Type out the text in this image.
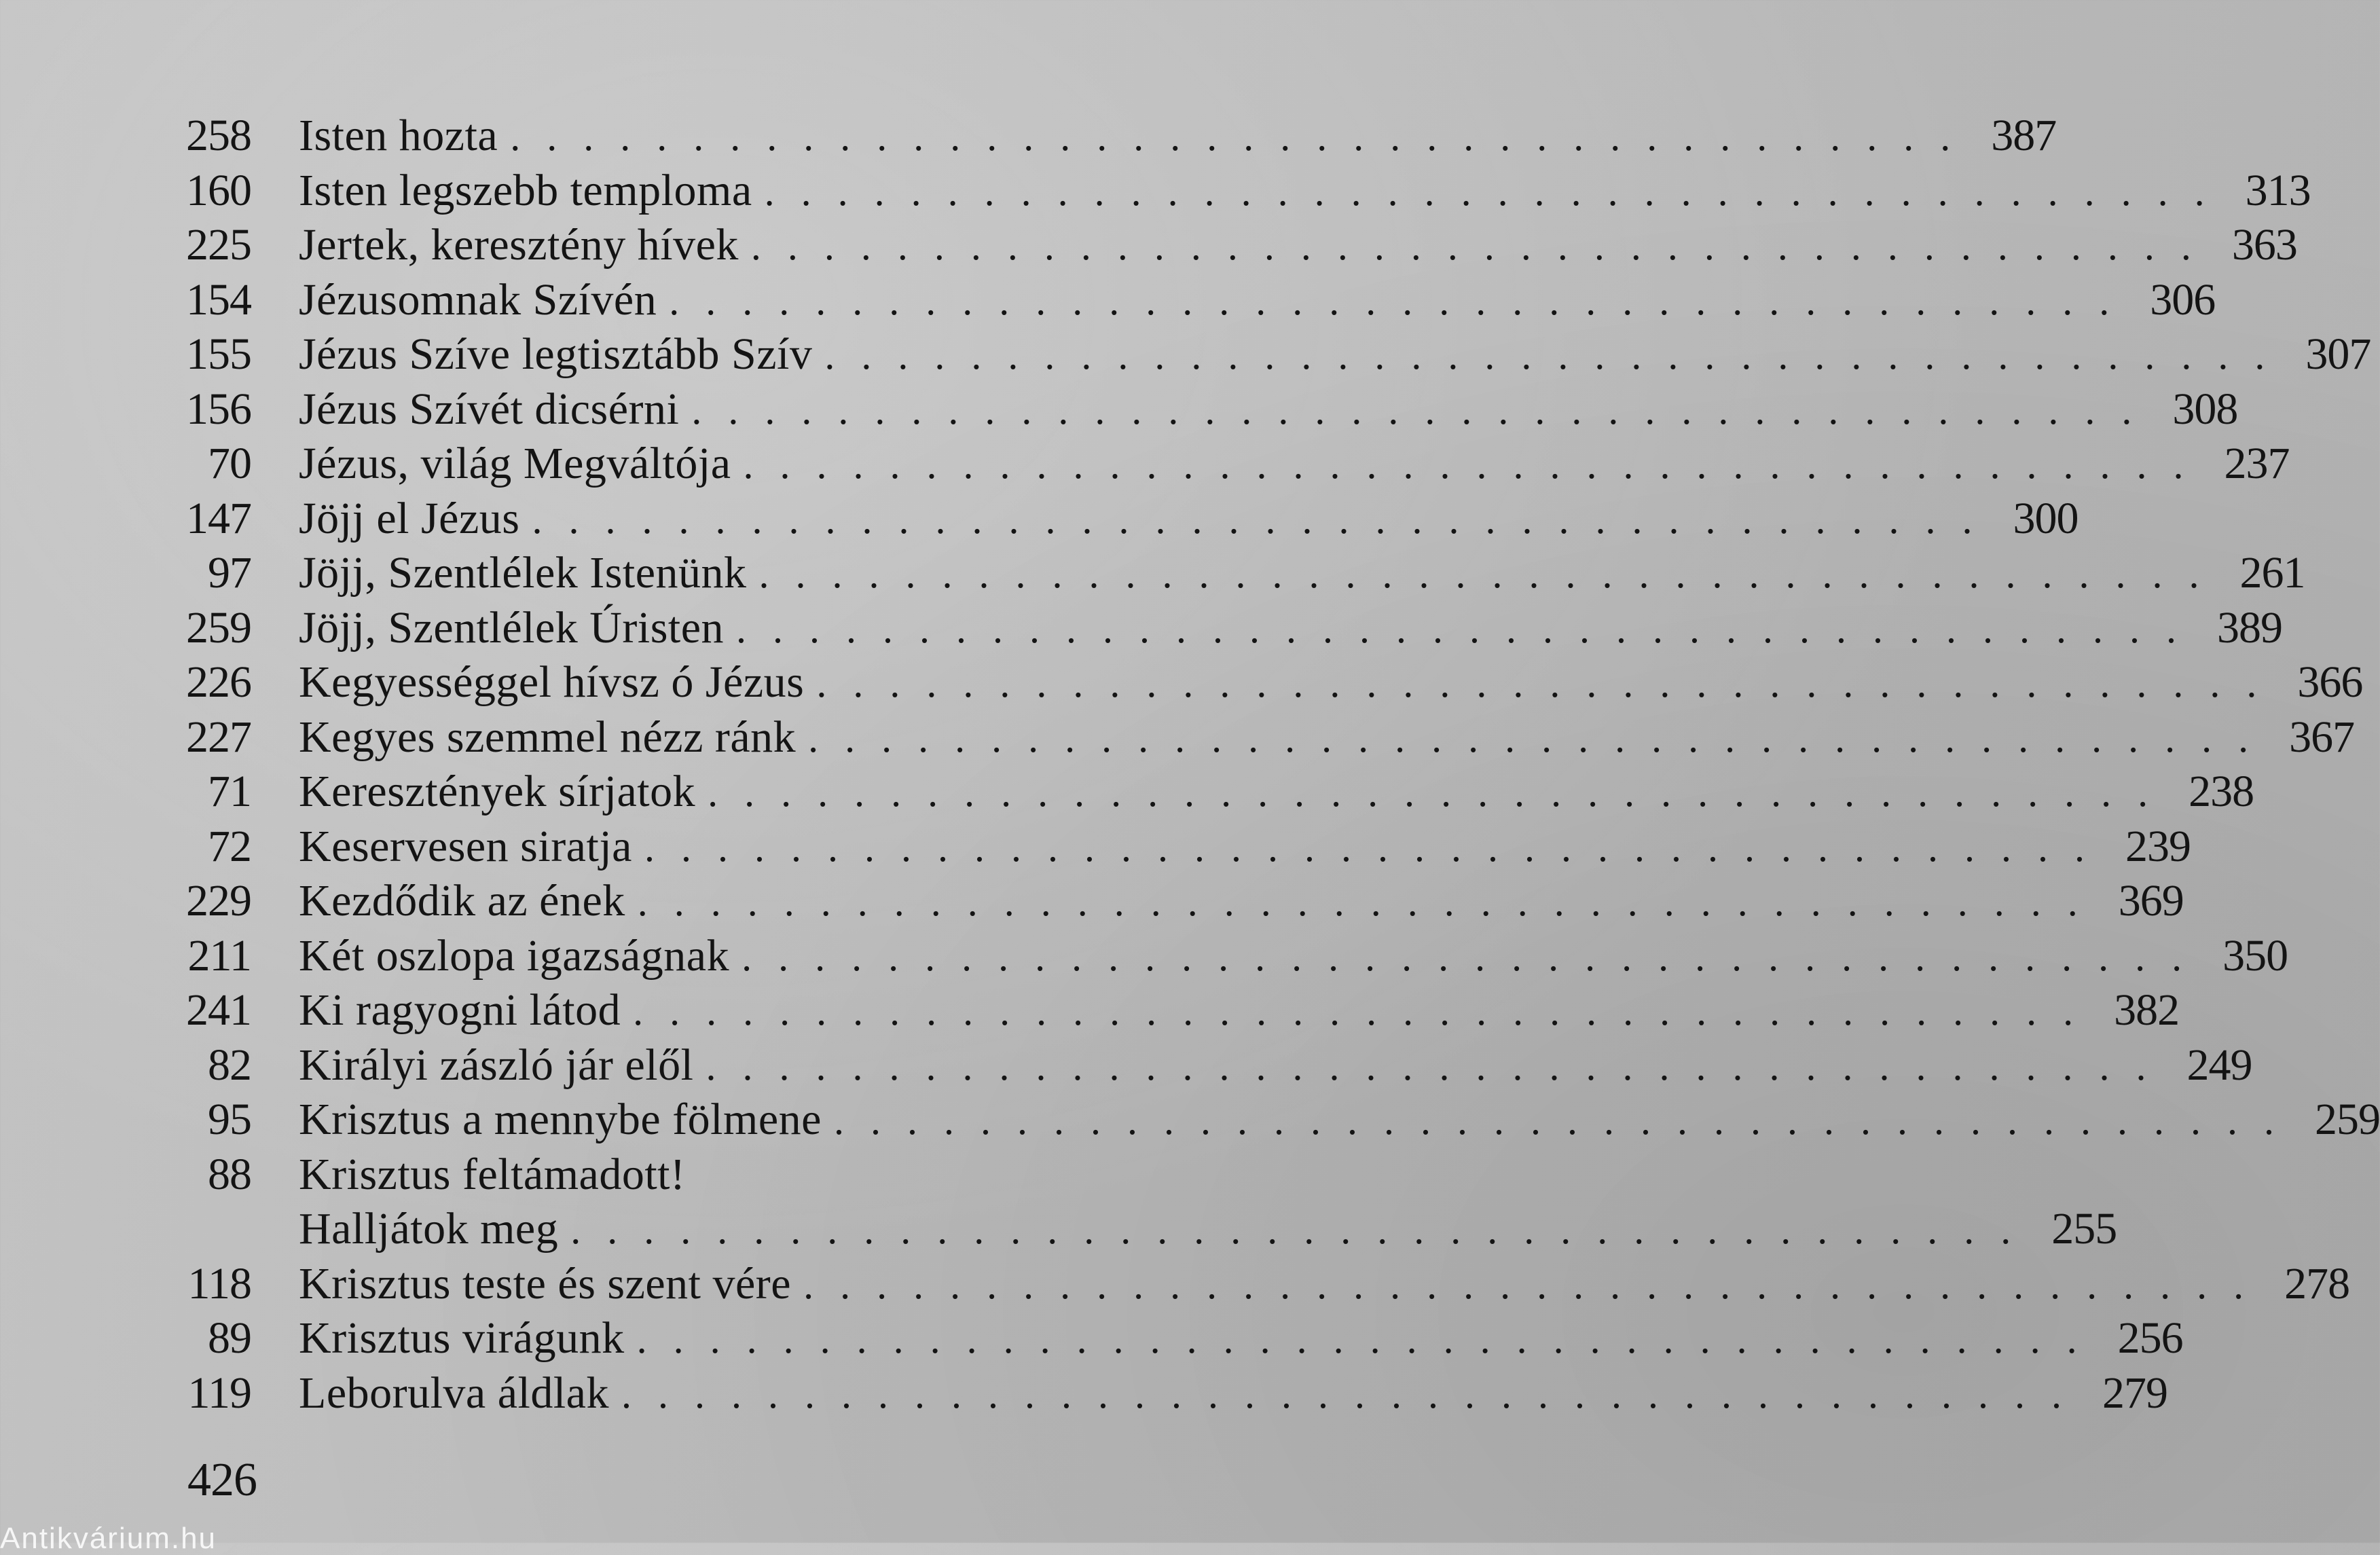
258 Isten hozta . . . . . . . . . . . . . . . . . . . . . . . . . . . . . . . . . . . . . . . . 387
160 Isten legszebb temploma . . . . . . . . . . . . . . . . . . . . . . . . . . . . . . . . . . . . . . . . 313
225 Jertek, keresztény hívek . . . . . . . . . . . . . . . . . . . . . . . . . . . . . . . . . . . . . . . . 363
154 Jézusomnak Szívén . . . . . . . . . . . . . . . . . . . . . . . . . . . . . . . . . . . . . . . . 306
155 Jézus Szíve legtisztább Szív . . . . . . . . . . . . . . . . . . . . . . . . . . . . . . . . . . . . . . . . 307
156 Jézus Szívét dicsérni . . . . . . . . . . . . . . . . . . . . . . . . . . . . . . . . . . . . . . . . 308
70 Jézus, világ Megváltója . . . . . . . . . . . . . . . . . . . . . . . . . . . . . . . . . . . . . . . . 237
147 Jöjj el Jézus . . . . . . . . . . . . . . . . . . . . . . . . . . . . . . . . . . . . . . . . 300
97 Jöjj, Szentlélek Istenünk . . . . . . . . . . . . . . . . . . . . . . . . . . . . . . . . . . . . . . . . 261
259 Jöjj, Szentlélek Úristen . . . . . . . . . . . . . . . . . . . . . . . . . . . . . . . . . . . . . . . . 389
226 Kegyességgel hívsz ó Jézus . . . . . . . . . . . . . . . . . . . . . . . . . . . . . . . . . . . . . . . . 366
227 Kegyes szemmel nézz ránk . . . . . . . . . . . . . . . . . . . . . . . . . . . . . . . . . . . . . . . . 367
71 Keresztények sírjatok . . . . . . . . . . . . . . . . . . . . . . . . . . . . . . . . . . . . . . . . 238
72 Keservesen siratja . . . . . . . . . . . . . . . . . . . . . . . . . . . . . . . . . . . . . . . . 239
229 Kezdődik az ének . . . . . . . . . . . . . . . . . . . . . . . . . . . . . . . . . . . . . . . . 369
211 Két oszlopa igazságnak . . . . . . . . . . . . . . . . . . . . . . . . . . . . . . . . . . . . . . . . 350
241 Ki ragyogni látod . . . . . . . . . . . . . . . . . . . . . . . . . . . . . . . . . . . . . . . . 382
82 Királyi zászló jár elől . . . . . . . . . . . . . . . . . . . . . . . . . . . . . . . . . . . . . . . . 249
95 Krisztus a mennybe fölmene . . . . . . . . . . . . . . . . . . . . . . . . . . . . . . . . . . . . . . . . 259
88 Krisztus feltámadott!
Halljátok meg . . . . . . . . . . . . . . . . . . . . . . . . . . . . . . . . . . . . . . . . 255
118 Krisztus teste és szent vére . . . . . . . . . . . . . . . . . . . . . . . . . . . . . . . . . . . . . . . . 278
89 Krisztus virágunk . . . . . . . . . . . . . . . . . . . . . . . . . . . . . . . . . . . . . . . . 256
119 Leborulva áldlak . . . . . . . . . . . . . . . . . . . . . . . . . . . . . . . . . . . . . . . . 279
426
Antikvárium.hu
